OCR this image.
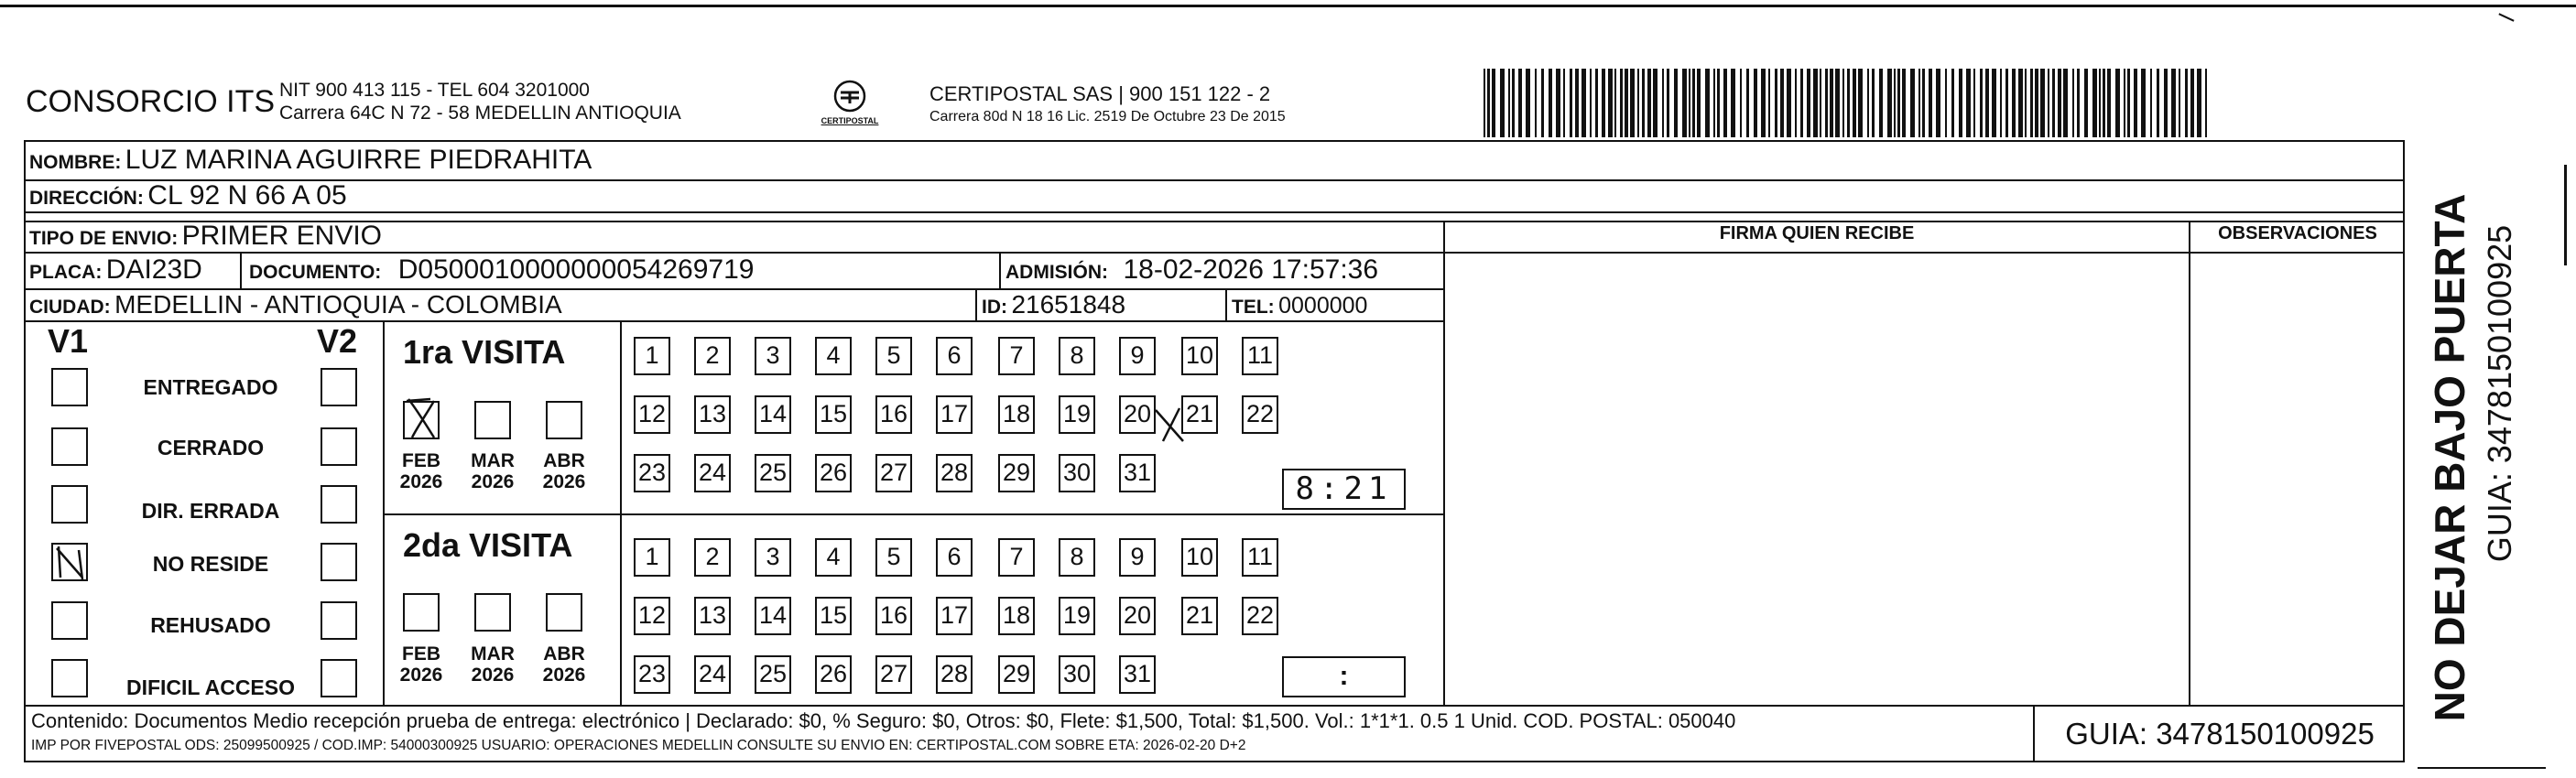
CONSORCIO ITS NIT 900 413 115 - TEL 604 3201000
Carrera 64C N 72 - 58 MEDELLIN ANTIOQUIA	CERTIPOSTAL
CERTIPOSTAL SAS | 900 151 122 - 2
Carrera 80d N 18 16 Lic. 2519 De Octubre 23 De 2015
NOMBRE: LUZ MARINA AGUIRRE PIEDRAHITA
DIRECCIÓN: CL 92 N 66 A 05
TIPO DE ENVIO: PRIMER ENVIO	FIRMA QUIEN RECIBE	OBSERVACIONES
PLACA: DAI23D DOCUMENTO: D0500010000000054269719	ADMISIÓN: 18-02-2026 17:57:36
CIUDAD: MEDELLIN - ANTIOQUIA - COLOMBIA	ID: 21651848	TEL: 0000000
V1	V2
ENTREGADO
CERRADO
DIR. ERRADA
NO RESIDE
REHUSADO
DIFICIL ACCESO
1ra VISITA
FEB
2026
MAR
2026
ABR
2026
1	2	3	4	5	6	7	8	9	10 11
12 13 14 15 16 17 18 19 20 21 22
23 24 25 26 27 28 29 30 31	8:21
2da VISITA
FEB
2026
MAR
2026
ABR
2026
1	2	3	4	5	6	7	8	9	10 11
12 13 14 15 16 17 18 19 20 21 22
23 24 25 26 27 28 29 30 31	:
Contenido: Documentos Medio recepción prueba de entrega: electrónico | Declarado: $0, % Seguro: $0, Otros: $0, Flete: $1,500, Total: $1,500. Vol.: 1*1*1. 0.5 1 Unid. COD. POSTAL: 050040
IMP POR FIVEPOSTAL ODS: 25099500925 / COD.IMP: 54000300925 USUARIO: OPERACIONES MEDELLIN CONSULTE SU ENVIO EN: CERTIPOSTAL.COM SOBRE ETA: 2026-02-20 D+2	GUIA: 3478150100925
NO DEJAR BAJO PUERTA GUIA: 3478150100925
